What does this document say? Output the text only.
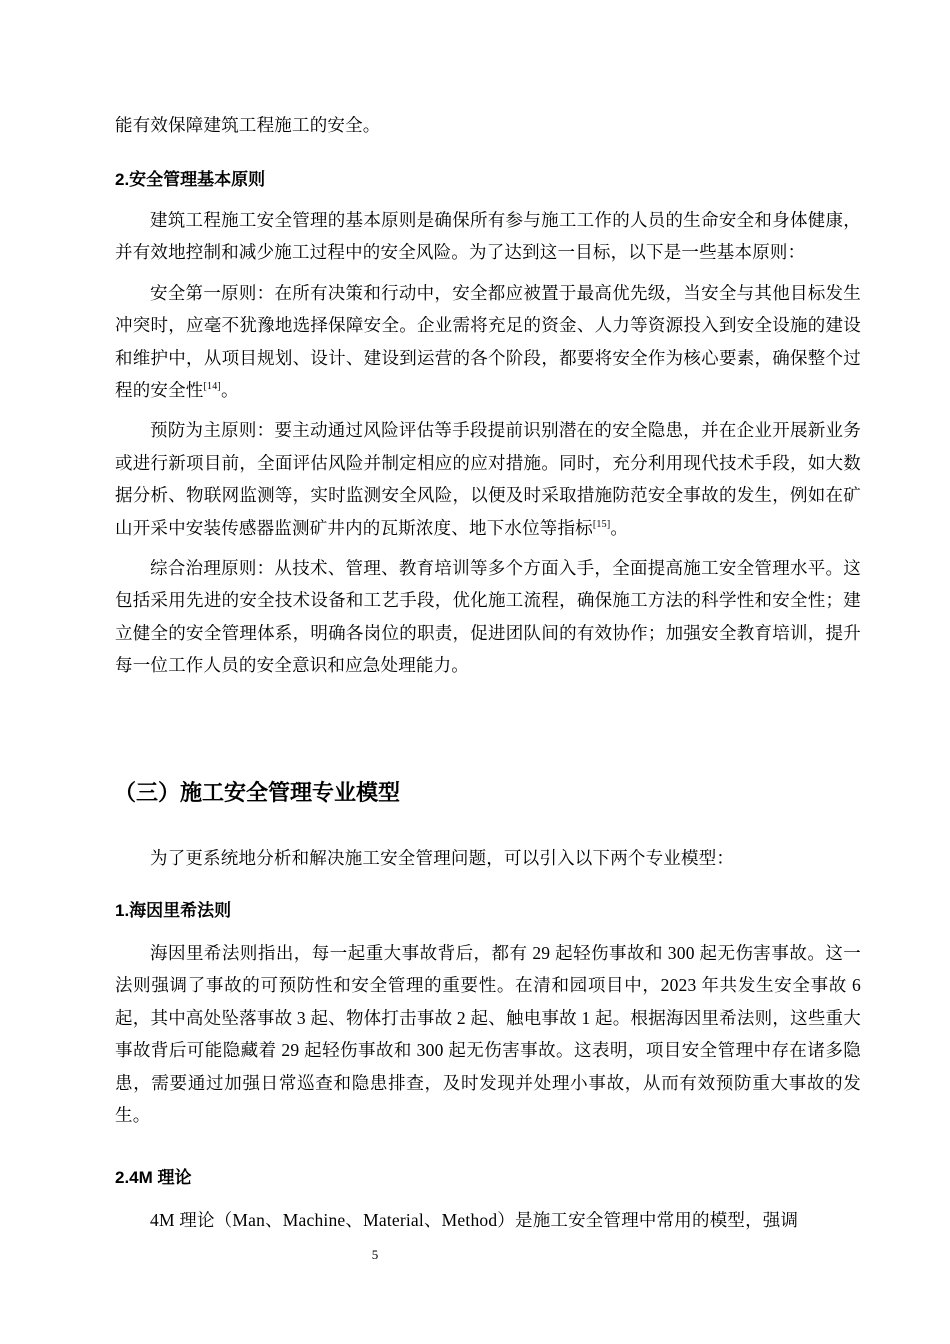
能有效保障建筑工程施工的安全。

2.安全管理基本原则

建筑工程施工安全管理的基本原则是确保所有参与施工工作的人员的生命安全和身体健康，并有效地控制和减少施工过程中的安全风险。为了达到这一目标，以下是一些基本原则：

安全第一原则：在所有决策和行动中，安全都应被置于最高优先级，当安全与其他目标发生冲突时，应毫不犹豫地选择保障安全。企业需将充足的资金、人力等资源投入到安全设施的建设和维护中，从项目规划、设计、建设到运营的各个阶段，都要将安全作为核心要素，确保整个过程的安全性[14]。

预防为主原则：要主动通过风险评估等手段提前识别潜在的安全隐患，并在企业开展新业务或进行新项目前，全面评估风险并制定相应的应对措施。同时，充分利用现代技术手段，如大数据分析、物联网监测等，实时监测安全风险，以便及时采取措施防范安全事故的发生，例如在矿山开采中安装传感器监测矿井内的瓦斯浓度、地下水位等指标[15]。

综合治理原则：从技术、管理、教育培训等多个方面入手，全面提高施工安全管理水平。这包括采用先进的安全技术设备和工艺手段，优化施工流程，确保施工方法的科学性和安全性；建立健全的安全管理体系，明确各岗位的职责，促进团队间的有效协作；加强安全教育培训，提升每一位工作人员的安全意识和应急处理能力。

（三）施工安全管理专业模型

为了更系统地分析和解决施工安全管理问题，可以引入以下两个专业模型：

1.海因里希法则

海因里希法则指出，每一起重大事故背后，都有 29 起轻伤事故和 300 起无伤害事故。这一法则强调了事故的可预防性和安全管理的重要性。在清和园项目中，2023 年共发生安全事故 6 起，其中高处坠落事故 3 起、物体打击事故 2 起、触电事故 1 起。根据海因里希法则，这些重大事故背后可能隐藏着 29 起轻伤事故和 300 起无伤害事故。这表明，项目安全管理中存在诸多隐患，需要通过加强日常巡查和隐患排查，及时发现并处理小事故，从而有效预防重大事故的发生。

2.4M 理论

4M 理论（Man、Machine、Material、Method）是施工安全管理中常用的模型，强调

5
